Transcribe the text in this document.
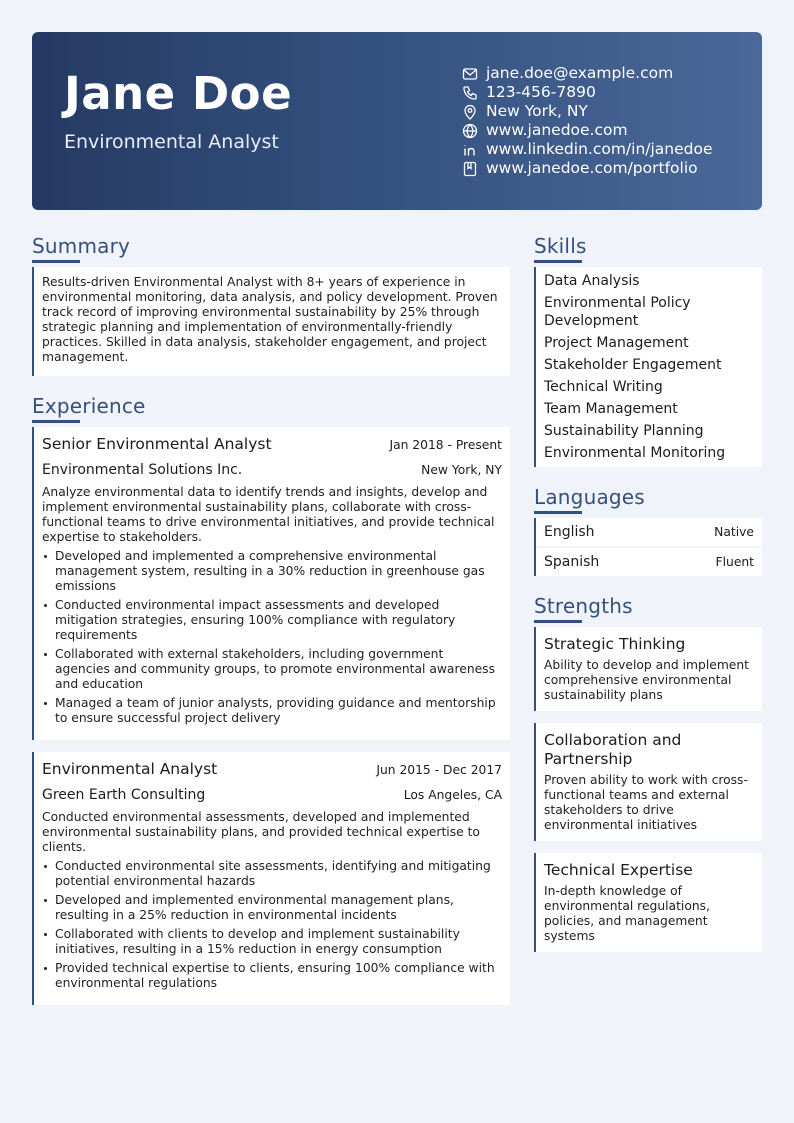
Jane Doe
Environmental Analyst
jane.doe@example.com
123-456-7890
New York, NY
www.janedoe.com
www.linkedin.com/in/janedoe
www.janedoe.com/portfolio
Summary
Results-driven Environmental Analyst with 8+ years of experience in environmental monitoring, data analysis, and policy development. Proven track record of improving environmental sustainability by 25% through strategic planning and implementation of environmentally-friendly practices. Skilled in data analysis, stakeholder engagement, and project management.
Experience
Senior Environmental Analyst	Jan 2018 - Present
Environmental Solutions Inc.	New York, NY
Analyze environmental data to identify trends and insights, develop and implement environmental sustainability plans, collaborate with cross-functional teams to drive environmental initiatives, and provide technical expertise to stakeholders.
Developed and implemented a comprehensive environmental management system, resulting in a 30% reduction in greenhouse gas emissions
Conducted environmental impact assessments and developed mitigation strategies, ensuring 100% compliance with regulatory requirements
Collaborated with external stakeholders, including government agencies and community groups, to promote environmental awareness and education
Managed a team of junior analysts, providing guidance and mentorship to ensure successful project delivery
Environmental Analyst	Jun 2015 - Dec 2017
Green Earth Consulting	Los Angeles, CA
Conducted environmental assessments, developed and implemented environmental sustainability plans, and provided technical expertise to clients.
Conducted environmental site assessments, identifying and mitigating potential environmental hazards
Developed and implemented environmental management plans, resulting in a 25% reduction in environmental incidents
Collaborated with clients to develop and implement sustainability initiatives, resulting in a 15% reduction in energy consumption
Provided technical expertise to clients, ensuring 100% compliance with environmental regulations
Skills
Data Analysis
Environmental Policy Development
Project Management
Stakeholder Engagement
Technical Writing
Team Management
Sustainability Planning
Environmental Monitoring
Languages
English	Native
Spanish	Fluent
Strengths
Strategic Thinking
Ability to develop and implement comprehensive environmental sustainability plans
Collaboration and Partnership
Proven ability to work with cross-functional teams and external stakeholders to drive environmental initiatives
Technical Expertise
In-depth knowledge of environmental regulations, policies, and management systems
